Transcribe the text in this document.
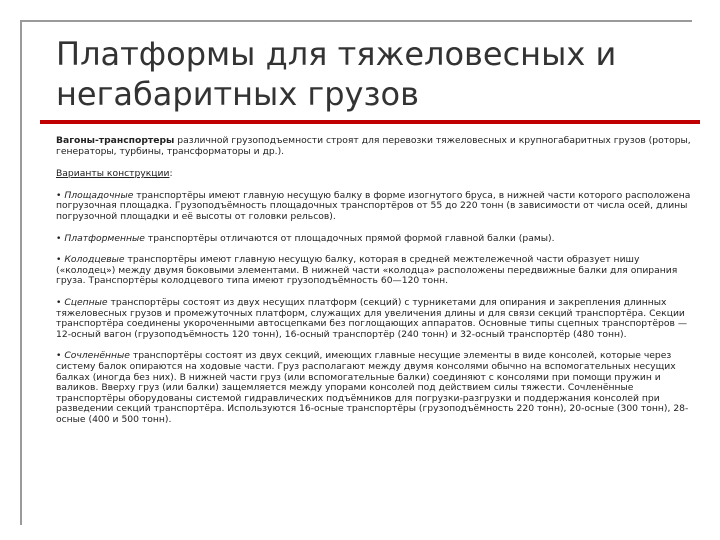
Платформы для тяжеловесных и негабаритных грузов

Вагоны-транспортеры различной грузоподъемности строят для перевозки тяжеловесных и крупногабаритных грузов (роторы, генераторы, турбины, трансформаторы и др.).

Варианты конструкции:

• Площадочные транспортёры имеют главную несущую балку в форме изогнутого бруса, в нижней части которого расположена погрузочная площадка. Грузоподъёмность площадочных транспортёров от 55 до 220 тонн (в зависимости от числа осей, длины погрузочной площадки и её высоты от головки рельсов).

• Платформенные транспортёры отличаются от площадочных прямой формой главной балки (рамы).

• Колодцевые транспортёры имеют главную несущую балку, которая в средней межтележечной части образует нишу («колодец») между двумя боковыми элементами. В нижней части «колодца» расположены передвижные балки для опирания груза. Транспортёры колодцевого типа имеют грузоподъёмность 60—120 тонн.

• Сцепные транспортёры состоят из двух несущих платформ (секций) с турникетами для опирания и закрепления длинных тяжеловесных грузов и промежуточных платформ, служащих для увеличения длины и для связи секций транспортёра. Секции транспортёра соединены укороченными автосцепками без поглощающих аппаратов. Основные типы сцепных транспортёров — 12-осный вагон (грузоподъёмность 120 тонн), 16-осный транспортёр (240 тонн) и 32-осный транспортёр (480 тонн).

• Сочленённые транспортёры состоят из двух секций, имеющих главные несущие элементы в виде консолей, которые через систему балок опираются на ходовые части. Груз располагают между двумя консолями обычно на вспомогательных несущих балках (иногда без них). В нижней части груз (или вспомогательные балки) соединяют с консолями при помощи пружин и валиков. Вверху груз (или балки) защемляется между упорами консолей под действием силы тяжести. Сочленённые транспортёры оборудованы системой гидравлических подъёмников для погрузки-разгрузки и поддержания консолей при разведении секций транспортёра. Используются 16-осные транспортёры (грузоподъёмность 220 тонн), 20-осные (300 тонн), 28-осные (400 и 500 тонн).
